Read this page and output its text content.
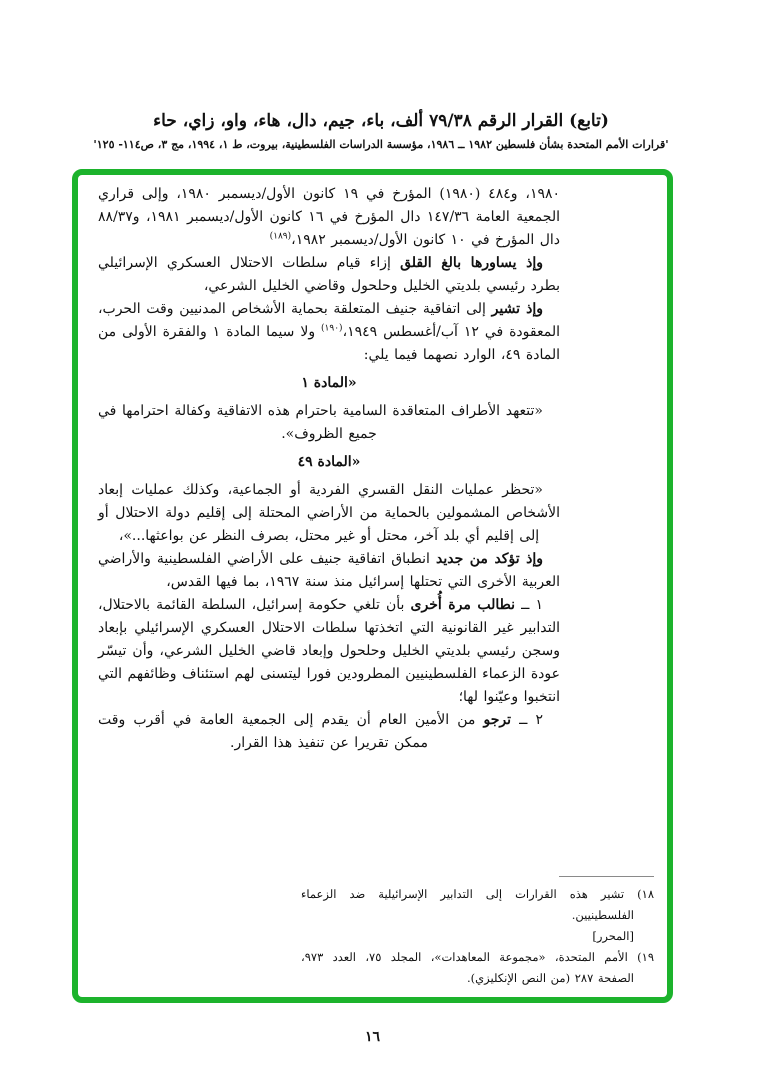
(تابع) القرار الرقم ٧٩/٣٨ ألف، باء، جيم، دال، هاء، واو، زاي، حاء
'قرارات الأمم المتحدة بشأن فلسطين ١٩٨٢ ــ ١٩٨٦، مؤسسة الدراسات الفلسطينية، بيروت، ط ١، ١٩٩٤، مج ٣، ص١١٤- ١٢٥'

١٩٨٠، و٤٨٤ (١٩٨٠) المؤرخ في ١٩ كانون الأول/ديسمبر ١٩٨٠، وإلى قراري الجمعية العامة ١٤٧/٣٦ دال المؤرخ في ١٦ كانون الأول/ديسمبر ١٩٨١، و٨٨/٣٧ دال المؤرخ في ١٠ كانون الأول/ديسمبر ١٩٨٢،$^{(١٨٩)}$

وإذ يساورها بالغ القلق إزاء قيام سلطات الاحتلال العسكري الإسرائيلي بطرد رئيسي بلديتي الخليل وحلحول وقاضي الخليل الشرعي،

وإذ تشير إلى اتفاقية جنيف المتعلقة بحماية الأشخاص المدنيين وقت الحرب، المعقودة في ١٢ آب/أغسطس ١٩٤٩،$^{(١٩٠)}$ ولا سيما المادة ١ والفقرة الأولى من المادة ٤٩، الوارد نصهما فيما يلي:

«المادة ١

«تتعهد الأطراف المتعاقدة السامية باحترام هذه الاتفاقية وكفالة احترامها في جميع الظروف».

«المادة ٤٩

«تحظر عمليات النقل القسري الفردية أو الجماعية، وكذلك عمليات إبعاد الأشخاص المشمولين بالحماية من الأراضي المحتلة إلى إقليم دولة الاحتلال أو إلى إقليم أي بلد آخر، محتل أو غير محتل، بصرف النظر عن بواعثها...»،

وإذ تؤكد من جديد انطباق اتفاقية جنيف على الأراضي الفلسطينية والأراضي العربية الأخرى التي تحتلها إسرائيل منذ سنة ١٩٦٧، بما فيها القدس،

١ ــ نطالب مرة أُخرى بأن تلغي حكومة إسرائيل، السلطة القائمة بالاحتلال، التدابير غير القانونية التي اتخذتها سلطات الاحتلال العسكري الإسرائيلي بإبعاد وسجن رئيسي بلديتي الخليل وحلحول وإبعاد قاضي الخليل الشرعي، وأن تيسّر عودة الزعماء الفلسطينيين المطرودين فورا ليتسنى لهم استئناف وظائفهم التي انتخبوا وعيّنوا لها؛

٢ ــ ترجو من الأمين العام أن يقدم إلى الجمعية العامة في أقرب وقت ممكن تقريرا عن تنفيذ هذا القرار.

١٨) تشير هذه القرارات إلى التدابير الإسرائيلية ضد الزعماء الفلسطينيين.
[المحرر]
١٩) الأمم المتحدة، «مجموعة المعاهدات»، المجلد ٧٥، العدد ٩٧٣، الصفحة ٢٨٧ (من النص الإنكليزي).
١٦
